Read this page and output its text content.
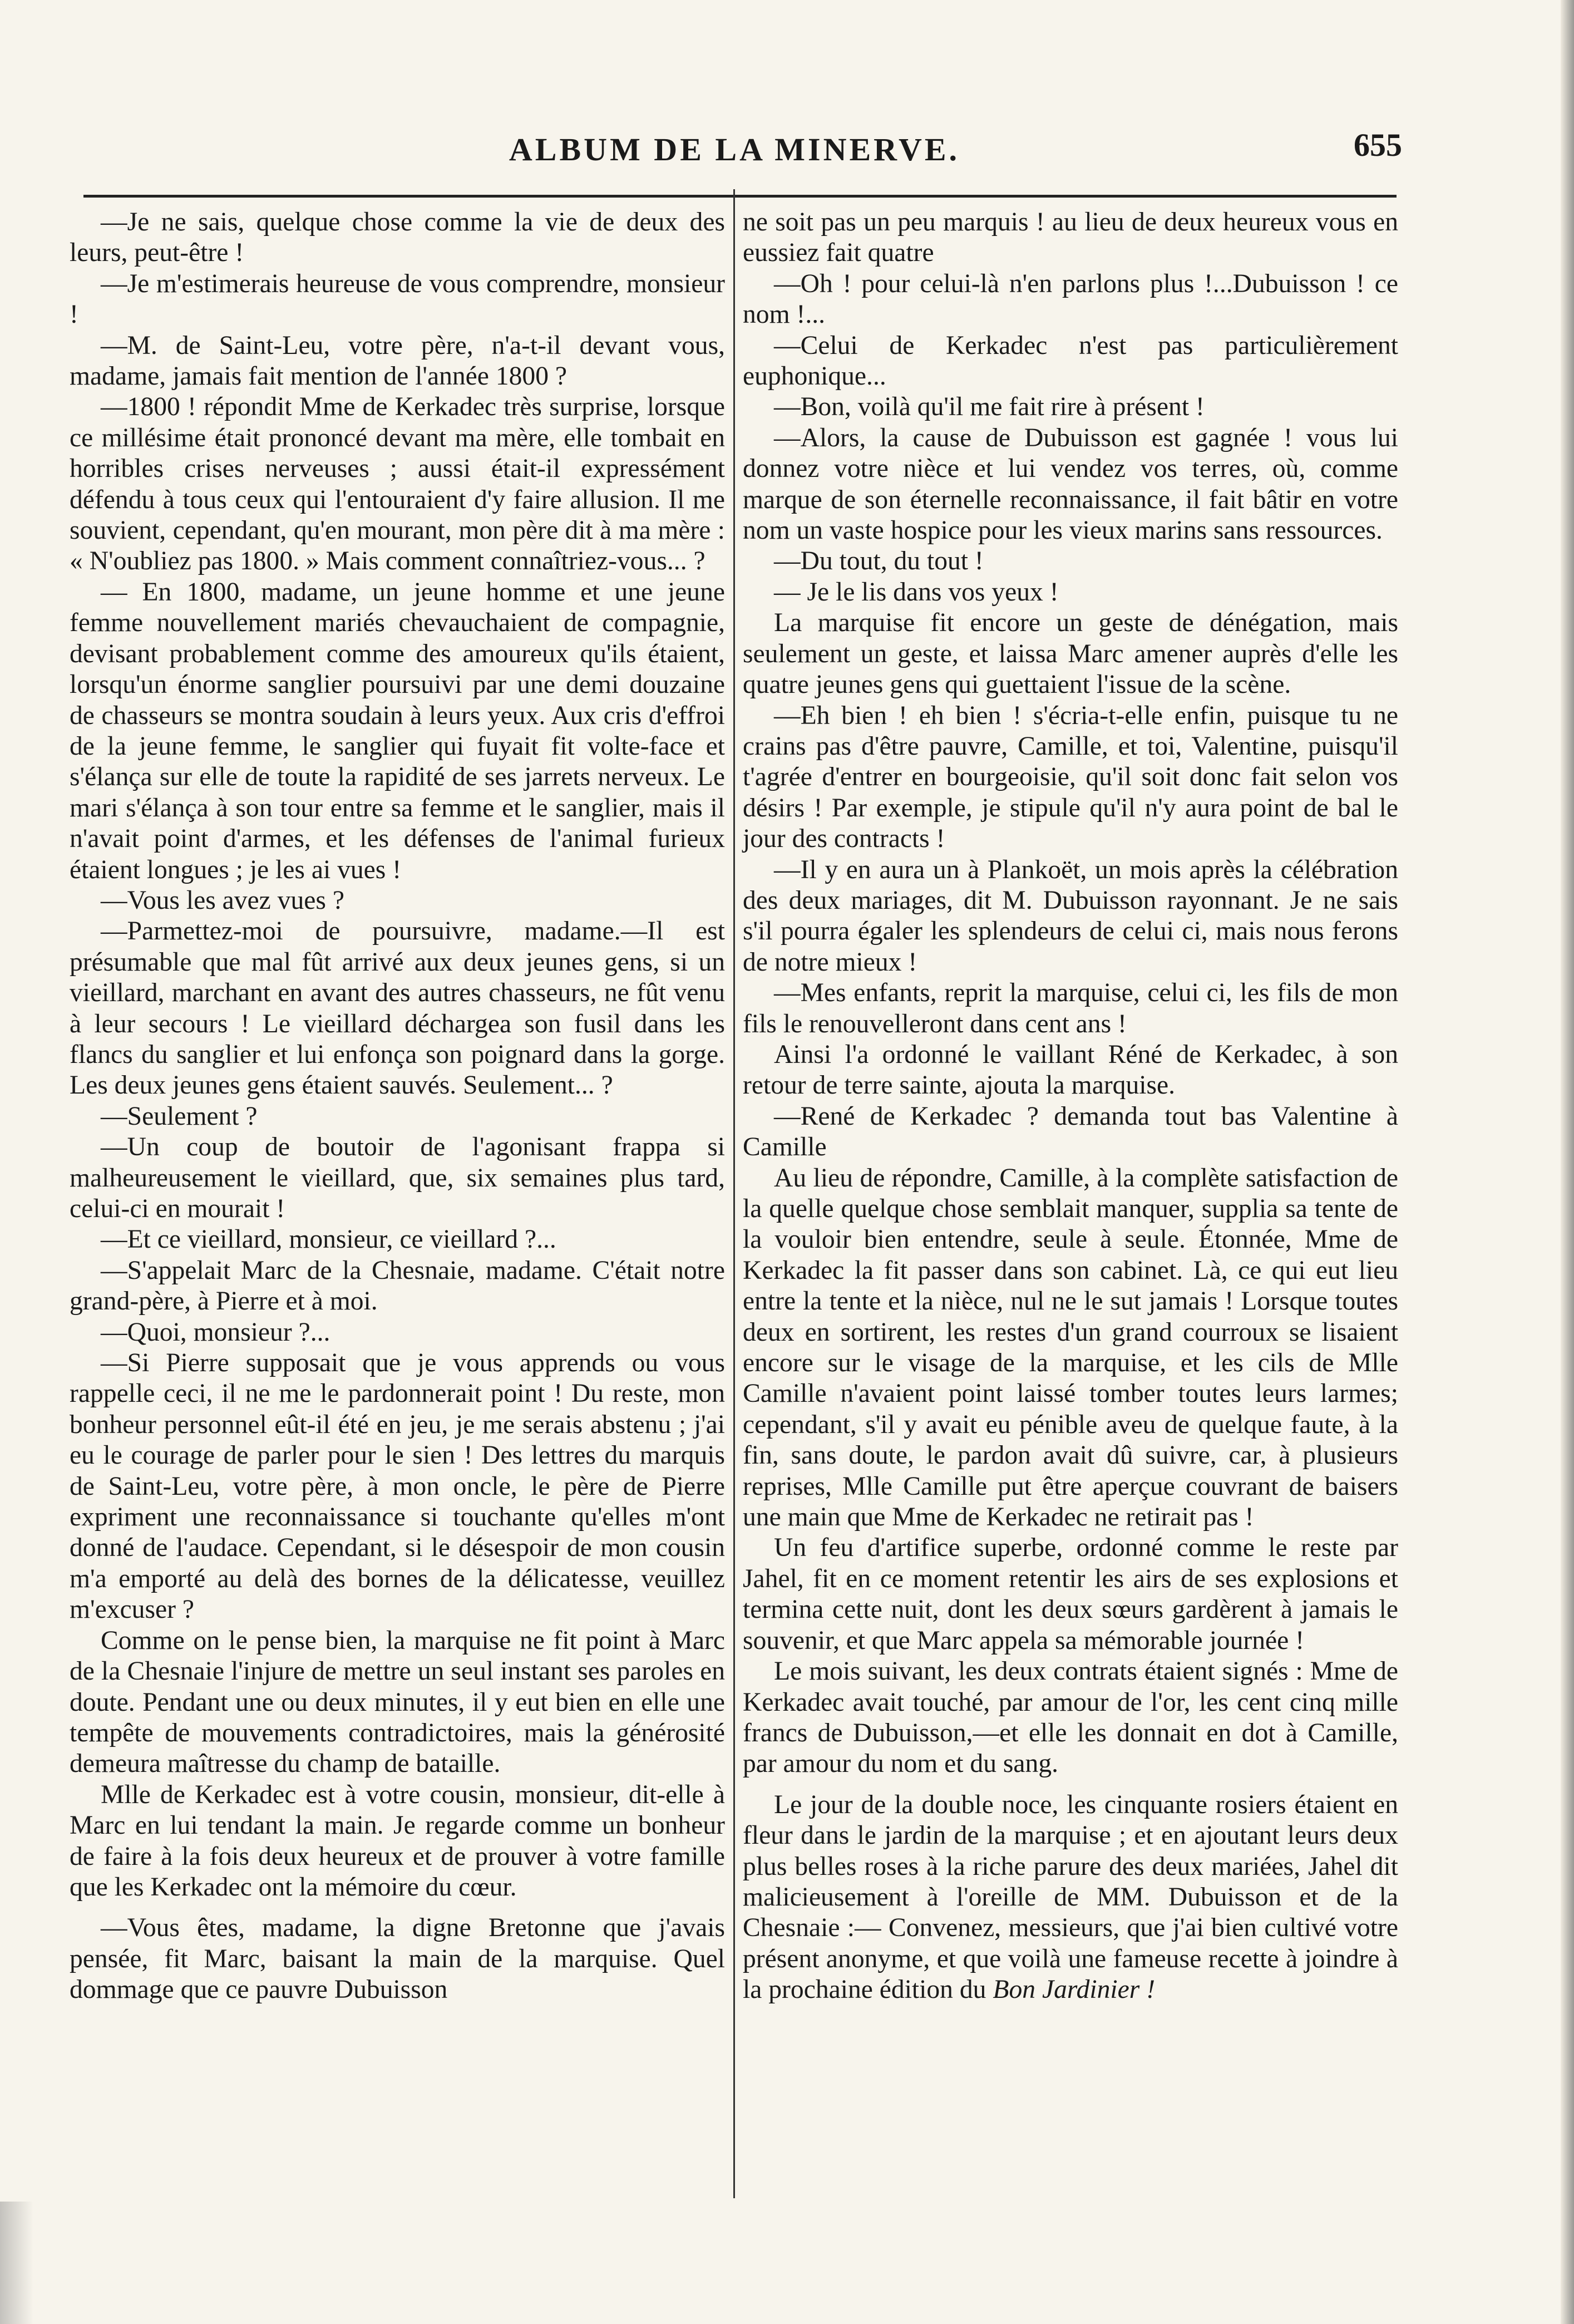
ALBUM DE LA MINERVE.	655

—Je ne sais, quelque chose comme la vie de deux des leurs, peut-être !

—Je m'estimerais heureuse de vous comprendre, monsieur !

—M. de Saint-Leu, votre père, n'a-t-il devant vous, madame, jamais fait mention de l'année 1800 ?

—1800 ! répondit Mme de Kerkadec très surprise, lorsque ce millésime était prononcé devant ma mère, elle tombait en horribles crises nerveuses ; aussi était-il expressément défendu à tous ceux qui l'entouraient d'y faire allusion. Il me souvient, cependant, qu'en mourant, mon père dit à ma mère : « N'oubliez pas 1800. » Mais comment connaîtriez-vous... ?

— En 1800, madame, un jeune homme et une jeune femme nouvellement mariés chevauchaient de compagnie, devisant probablement comme des amoureux qu'ils étaient, lorsqu'un énorme sanglier poursuivi par une demi douzaine de chasseurs se montra soudain à leurs yeux. Aux cris d'effroi de la jeune femme, le sanglier qui fuyait fit volte-face et s'élança sur elle de toute la rapidité de ses jarrets nerveux. Le mari s'élança à son tour entre sa femme et le sanglier, mais il n'avait point d'armes, et les défenses de l'animal furieux étaient longues ; je les ai vues !

—Vous les avez vues ?

—Parmettez-moi de poursuivre, madame.—Il est présumable que mal fût arrivé aux deux jeunes gens, si un vieillard, marchant en avant des autres chasseurs, ne fût venu à leur secours ! Le vieillard déchargea son fusil dans les flancs du sanglier et lui enfonça son poignard dans la gorge. Les deux jeunes gens étaient sauvés. Seulement... ?

—Seulement ?

—Un coup de boutoir de l'agonisant frappa si malheureusement le vieillard, que, six semaines plus tard, celui-ci en mourait !

—Et ce vieillard, monsieur, ce vieillard ?...

—S'appelait Marc de la Chesnaie, madame. C'était notre grand-père, à Pierre et à moi.

—Quoi, monsieur ?...

—Si Pierre supposait que je vous apprends ou vous rappelle ceci, il ne me le pardonnerait point ! Du reste, mon bonheur personnel eût-il été en jeu, je me serais abstenu ; j'ai eu le courage de parler pour le sien ! Des lettres du marquis de Saint-Leu, votre père, à mon oncle, le père de Pierre expriment une reconnaissance si touchante qu'elles m'ont donné de l'audace. Cependant, si le désespoir de mon cousin m'a emporté au delà des bornes de la délicatesse, veuillez m'excuser ?

Comme on le pense bien, la marquise ne fit point à Marc de la Chesnaie l'injure de mettre un seul instant ses paroles en doute. Pendant une ou deux minutes, il y eut bien en elle une tempête de mouvements contradictoires, mais la générosité demeura maîtresse du champ de bataille.

Mlle de Kerkadec est à votre cousin, monsieur, dit-elle à Marc en lui tendant la main. Je regarde comme un bonheur de faire à la fois deux heureux et de prouver à votre famille que les Kerkadec ont la mémoire du cœur.

—Vous êtes, madame, la digne Bretonne que j'avais pensée, fit Marc, baisant la main de la marquise. Quel dommage que ce pauvre Dubuisson

ne soit pas un peu marquis ! au lieu de deux heureux vous en eussiez fait quatre

—Oh ! pour celui-là n'en parlons plus !...Dubuisson ! ce nom !...

—Celui de Kerkadec n'est pas particulièrement euphonique...

—Bon, voilà qu'il me fait rire à présent !

—Alors, la cause de Dubuisson est gagnée ! vous lui donnez votre nièce et lui vendez vos terres, où, comme marque de son éternelle reconnaissance, il fait bâtir en votre nom un vaste hospice pour les vieux marins sans ressources.

—Du tout, du tout !

— Je le lis dans vos yeux !

La marquise fit encore un geste de dénégation, mais seulement un geste, et laissa Marc amener auprès d'elle les quatre jeunes gens qui guettaient l'issue de la scène.

—Eh bien ! eh bien ! s'écria-t-elle enfin, puisque tu ne crains pas d'être pauvre, Camille, et toi, Valentine, puisqu'il t'agrée d'entrer en bourgeoisie, qu'il soit donc fait selon vos désirs ! Par exemple, je stipule qu'il n'y aura point de bal le jour des contracts !

—Il y en aura un à Plankoët, un mois après la célébration des deux mariages, dit M. Dubuisson rayonnant. Je ne sais s'il pourra égaler les splendeurs de celui ci, mais nous ferons de notre mieux !

—Mes enfants, reprit la marquise, celui ci, les fils de mon fils le renouvelleront dans cent ans !

Ainsi l'a ordonné le vaillant Réné de Kerkadec, à son retour de terre sainte, ajouta la marquise.

—René de Kerkadec ? demanda tout bas Valentine à Camille

Au lieu de répondre, Camille, à la complète satisfaction de la quelle quelque chose semblait manquer, supplia sa tente de la vouloir bien entendre, seule à seule. Étonnée, Mme de Kerkadec la fit passer dans son cabinet. Là, ce qui eut lieu entre la tente et la nièce, nul ne le sut jamais ! Lorsque toutes deux en sortirent, les restes d'un grand courroux se lisaient encore sur le visage de la marquise, et les cils de Mlle Camille n'avaient point laissé tomber toutes leurs larmes; cependant, s'il y avait eu pénible aveu de quelque faute, à la fin, sans doute, le pardon avait dû suivre, car, à plusieurs reprises, Mlle Camille put être aperçue couvrant de baisers une main que Mme de Kerkadec ne retirait pas !

Un feu d'artifice superbe, ordonné comme le reste par Jahel, fit en ce moment retentir les airs de ses explosions et termina cette nuit, dont les deux sœurs gardèrent à jamais le souvenir, et que Marc appela sa mémorable journée !

Le mois suivant, les deux contrats étaient signés : Mme de Kerkadec avait touché, par amour de l'or, les cent cinq mille francs de Dubuisson,—et elle les donnait en dot à Camille, par amour du nom et du sang.

Le jour de la double noce, les cinquante rosiers étaient en fleur dans le jardin de la marquise ; et en ajoutant leurs deux plus belles roses à la riche parure des deux mariées, Jahel dit malicieusement à l'oreille de MM. Dubuisson et de la Chesnaie :— Convenez, messieurs, que j'ai bien cultivé votre présent anonyme, et que voilà une fameuse recette à joindre à la prochaine édition du Bon Jardinier !
